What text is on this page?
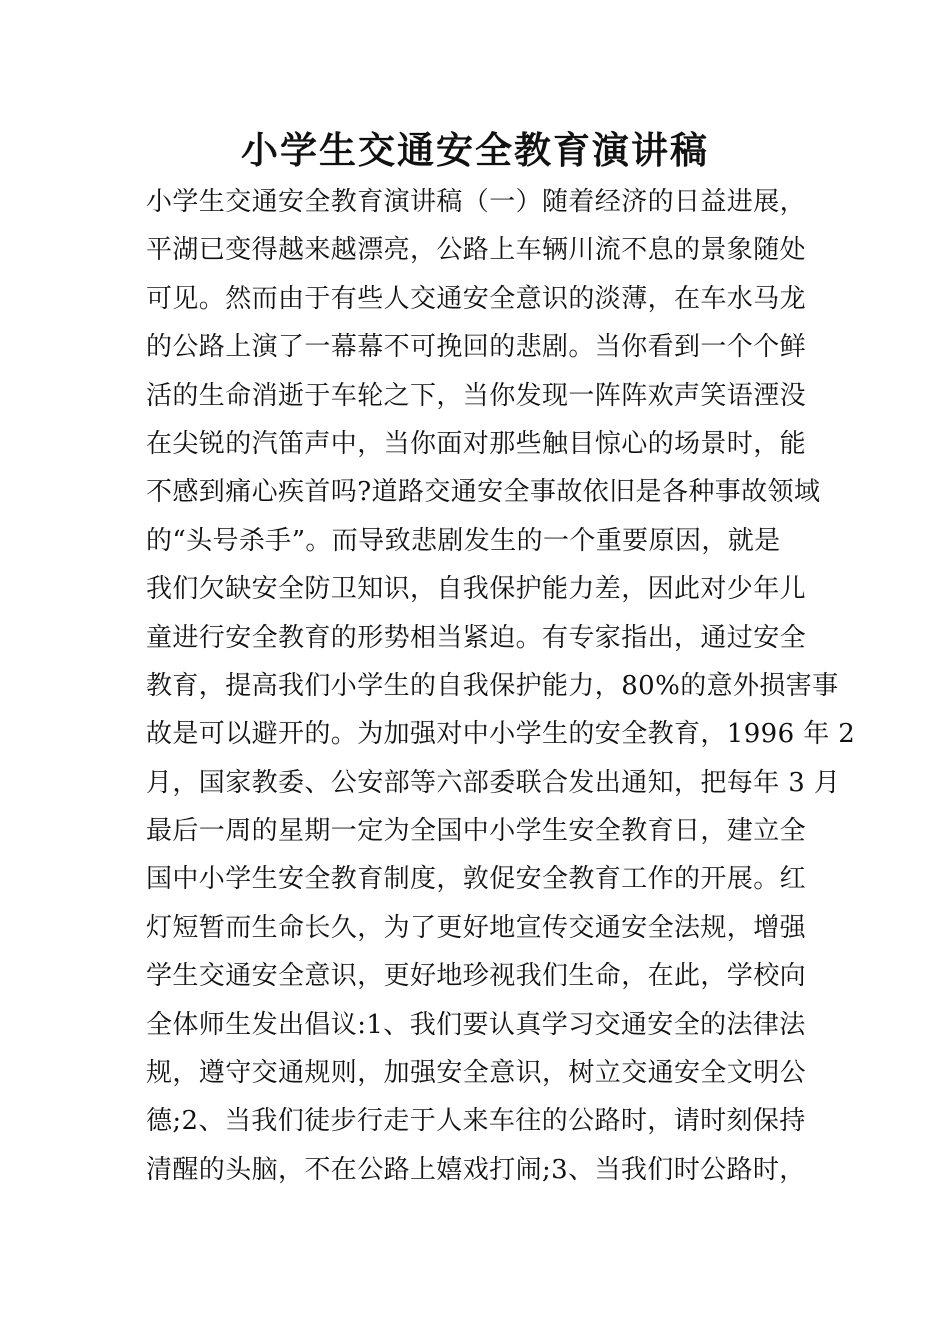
小学生交通安全教育演讲稿
小学生交通安全教育演讲稿（一）随着经济的日益进展，
平湖已变得越来越漂亮，公路上车辆川流不息的景象随处
可见。然而由于有些人交通安全意识的淡薄，在车水马龙
的公路上演了一幕幕不可挽回的悲剧。当你看到一个个鲜
活的生命消逝于车轮之下，当你发现一阵阵欢声笑语湮没
在尖锐的汽笛声中，当你面对那些触目惊心的场景时，能
不感到痛心疾首吗?道路交通安全事故依旧是各种事故领域
的“头号杀手”。而导致悲剧发生的一个重要原因，就是
我们欠缺安全防卫知识，自我保护能力差，因此对少年儿
童进行安全教育的形势相当紧迫。有专家指出，通过安全
教育，提高我们小学生的自我保护能力，80%的意外损害事
故是可以避开的。为加强对中小学生的安全教育，1996 年 2
月，国家教委、公安部等六部委联合发出通知，把每年 3 月
最后一周的星期一定为全国中小学生安全教育日，建立全
国中小学生安全教育制度，敦促安全教育工作的开展。红
灯短暂而生命长久，为了更好地宣传交通安全法规，增强
学生交通安全意识，更好地珍视我们生命，在此，学校向
全体师生发出倡议:1、我们要认真学习交通安全的法律法
规，遵守交通规则，加强安全意识，树立交通安全文明公
德;2、当我们徒步行走于人来车往的公路时，请时刻保持
清醒的头脑，不在公路上嬉戏打闹;3、当我们时公路时，
